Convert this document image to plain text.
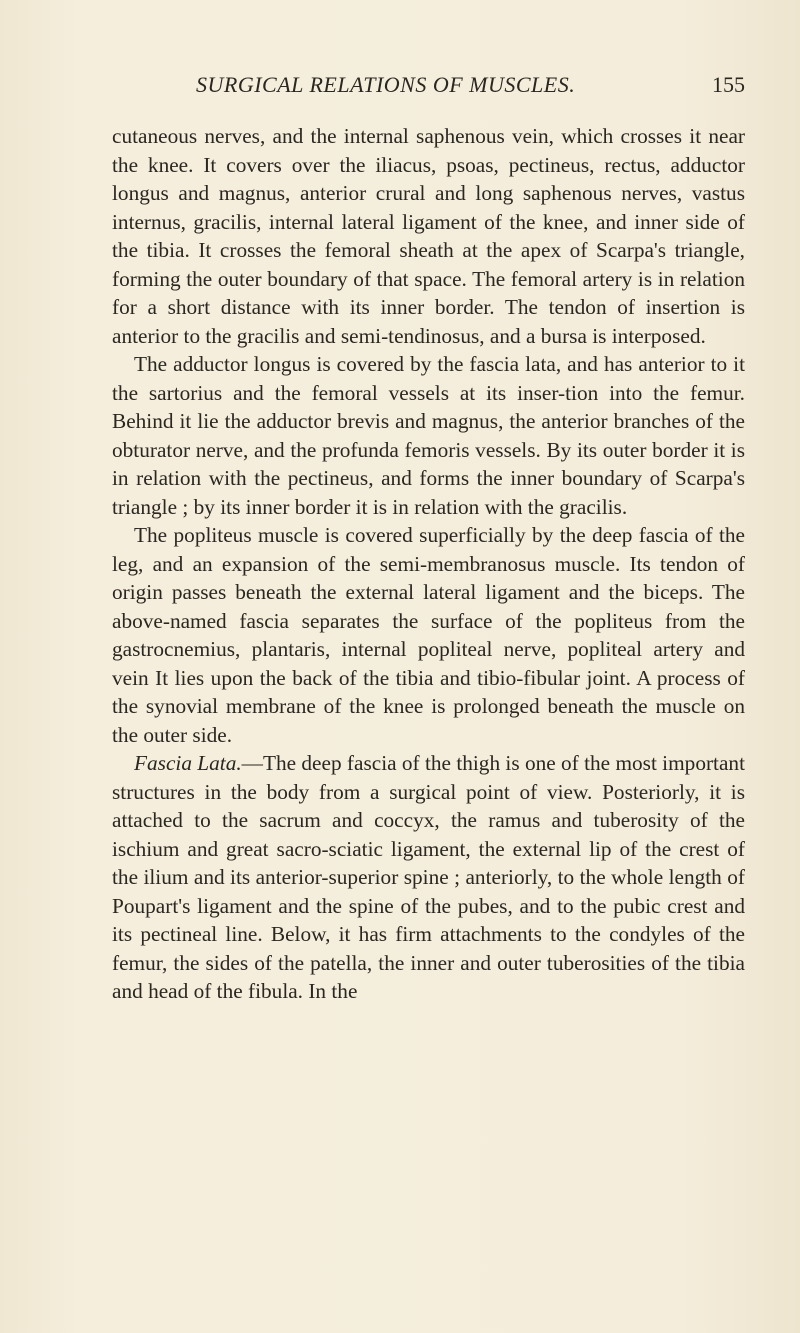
SURGICAL RELATIONS OF MUSCLES.	155

cutaneous nerves, and the internal saphenous vein, which crosses it near the knee. It covers over the iliacus, psoas, pectineus, rectus, adductor longus and magnus, anterior crural and long saphenous nerves, vastus internus, gracilis, internal lateral ligament of the knee, and inner side of the tibia. It crosses the femoral sheath at the apex of Scarpa's triangle, forming the outer boundary of that space. The femoral artery is in relation for a short distance with its inner border. The tendon of insertion is anterior to the gracilis and semi-tendinosus, and a bursa is interposed.

The adductor longus is covered by the fascia lata, and has anterior to it the sartorius and the femoral vessels at its inser-tion into the femur. Behind it lie the adductor brevis and magnus, the anterior branches of the obturator nerve, and the profunda femoris vessels. By its outer border it is in relation with the pectineus, and forms the inner boundary of Scarpa's triangle ; by its inner border it is in relation with the gracilis.

The popliteus muscle is covered superficially by the deep fascia of the leg, and an expansion of the semi-membranosus muscle. Its tendon of origin passes beneath the external lateral ligament and the biceps. The above-named fascia separates the surface of the popliteus from the gastrocnemius, plantaris, internal popliteal nerve, popliteal artery and vein It lies upon the back of the tibia and tibio-fibular joint. A process of the synovial membrane of the knee is prolonged beneath the muscle on the outer side.

Fascia Lata.—The deep fascia of the thigh is one of the most important structures in the body from a surgical point of view. Posteriorly, it is attached to the sacrum and coccyx, the ramus and tuberosity of the ischium and great sacro-sciatic ligament, the external lip of the crest of the ilium and its anterior-superior spine ; anteriorly, to the whole length of Poupart's ligament and the spine of the pubes, and to the pubic crest and its pectineal line. Below, it has firm attachments to the condyles of the femur, the sides of the patella, the inner and outer tuberosities of the tibia and head of the fibula. In the
